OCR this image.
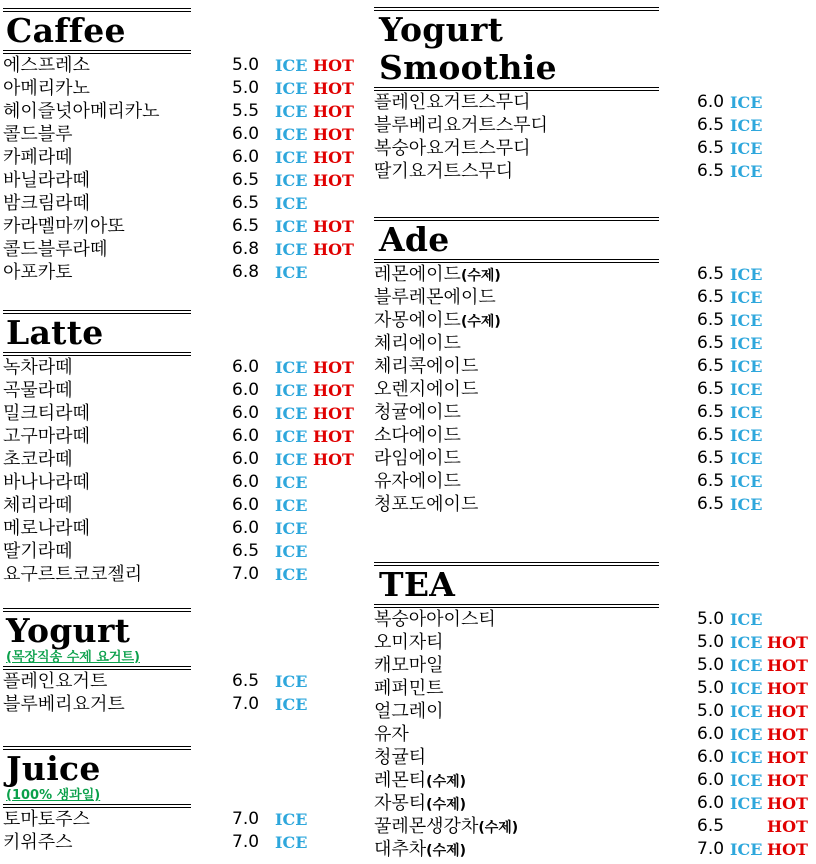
Caffee
에스프레소	5.0 ICE HOT
아메리카노	5.0 ICE HOT
헤이즐넛아메리카노	5.5 ICE HOT
콜드블루	6.0 ICE HOT
카페라떼	6.0 ICE HOT
바닐라라떼	6.5 ICE HOT
밤크림라떼	6.5 ICE
카라멜마끼아또	6.5 ICE HOT
콜드블루라떼	6.8 ICE HOT
아포카토	6.8 ICE
Latte
녹차라떼	6.0 ICE HOT
곡물라떼	6.0 ICE HOT
밀크티라떼	6.0 ICE HOT
고구마라떼	6.0 ICE HOT
초코라떼	6.0 ICE HOT
바나나라떼	6.0 ICE
체리라떼	6.0 ICE
메로나라떼	6.0 ICE
딸기라떼	6.5 ICE
요구르트코코젤리	7.0 ICE
Yogurt
(목장직송 수제 요거트)
플레인요거트	6.5 ICE
블루베리요거트	7.0 ICE
Juice
(100% 생과일)
토마토주스	7.0 ICE
키위주스	7.0 ICE
Yogurt Smoothie
플레인요거트스무디	6.0 ICE
블루베리요거트스무디	6.5 ICE
복숭아요거트스무디	6.5 ICE
딸기요거트스무디	6.5 ICE
Ade
레몬에이드(수제)	6.5 ICE
블루레몬에이드	6.5 ICE
자몽에이드(수제)	6.5 ICE
체리에이드	6.5 ICE
체리콕에이드	6.5 ICE
오렌지에이드	6.5 ICE
청귤에이드	6.5 ICE
소다에이드	6.5 ICE
라임에이드	6.5 ICE
유자에이드	6.5 ICE
청포도에이드	6.5 ICE
TEA
복숭아아이스티	5.0 ICE
오미자티	5.0 ICE HOT
캐모마일	5.0 ICE HOT
페퍼민트	5.0 ICE HOT
얼그레이	5.0 ICE HOT
유자	6.0 ICE HOT
청귤티	6.0 ICE HOT
레몬티(수제)	6.0 ICE HOT
자몽티(수제)	6.0 ICE HOT
꿀레몬생강차(수제)	6.5	HOT
대추차(수제)	7.0 ICE HOT
